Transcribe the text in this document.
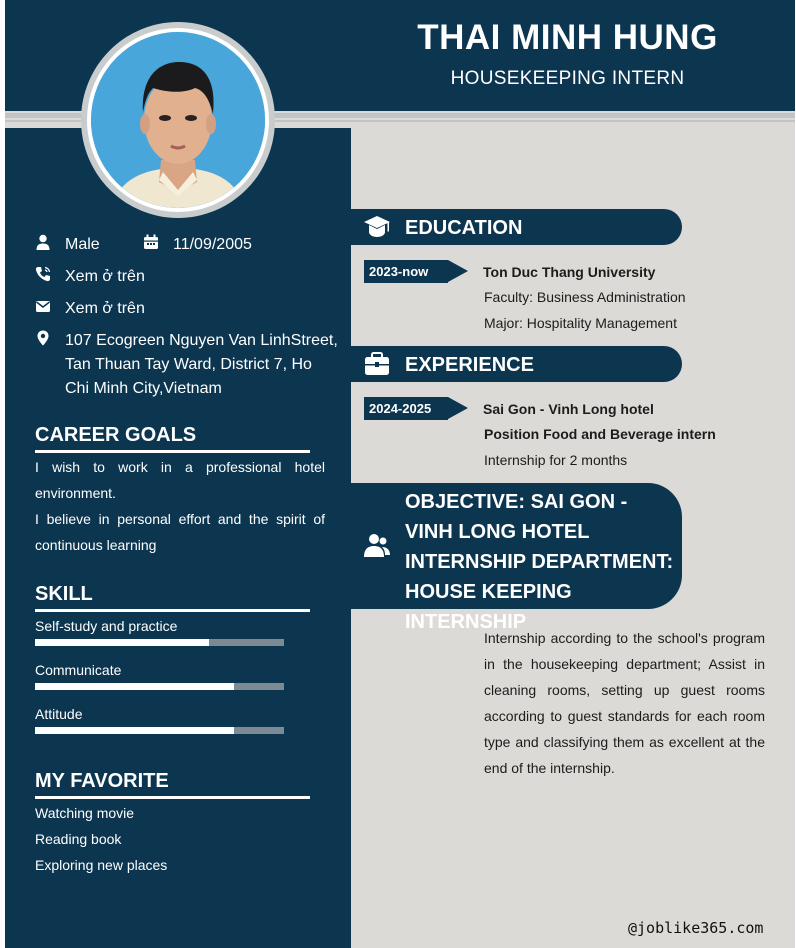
THAI MINH HUNG
HOUSEKEEPING INTERN
Male	11/09/2005
Xem ở trên
Xem ở trên
107 Ecogreen Nguyen Van LinhStreet, Tan Thuan Tay Ward, District 7, Ho Chi Minh City,Vietnam
CAREER GOALS

I wish to work in a professional hotel environment.

I believe in personal effort and the spirit of continuous learning

SKILL
Self-study and practice
Communicate
Attitude
MY FAVORITE
Watching movie
Reading book
Exploring new places
EDUCATION
2023-now	Ton Duc Thang University
Faculty: Business Administration
Major: Hospitality Management
EXPERIENCE
2024-2025	Sai Gon - Vinh Long hotel
Position Food and Beverage intern
Internship for 2 months
OBJECTIVE: SAI GON - VINH LONG HOTEL INTERNSHIP DEPARTMENT: HOUSE KEEPING INTERNSHIP
Internship according to the school's program in the housekeeping department; Assist in cleaning rooms, setting up guest rooms according to guest standards for each room type and classifying them as excellent at the end of the internship.
@joblike365.com
